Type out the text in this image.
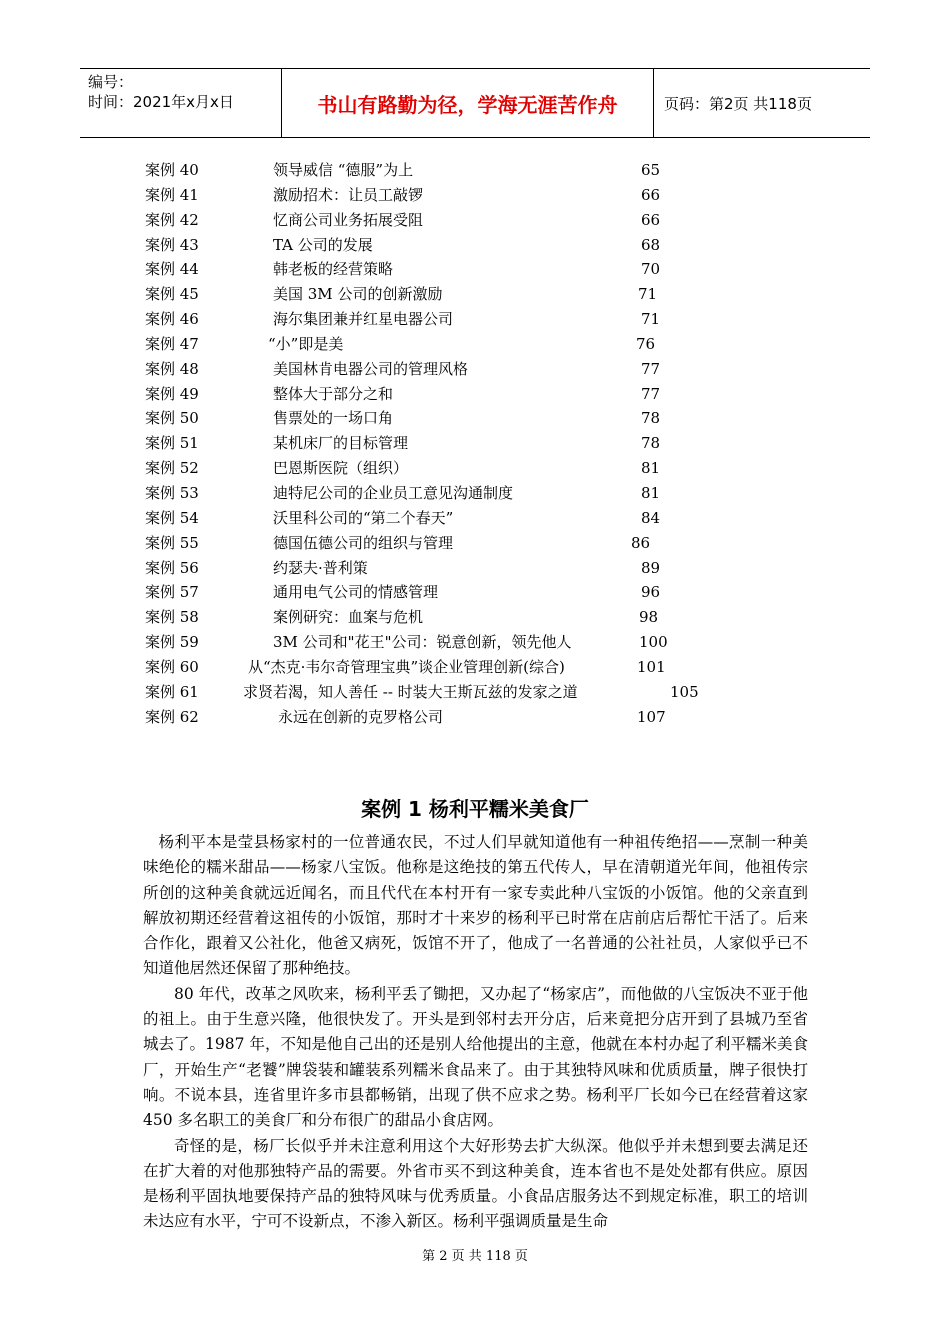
编号：
时间：2021年x月x日	书山有路勤为径，学海无涯苦作舟	页码：第2页 共118页
案例 40	领导威信 “德服”为上	65
案例 41	激励招术：让员工敲锣	66
案例 42	忆商公司业务拓展受阻	66
案例 43	TA 公司的发展	68
案例 44	韩老板的经营策略	70
案例 45	美国 3M 公司的创新激励	71
案例 46	海尔集团兼并红星电器公司	71
案例 47	“小”即是美	76
案例 48	美国林肯电器公司的管理风格	77
案例 49	整体大于部分之和	77
案例 50	售票处的一场口角	78
案例 51	某机床厂的目标管理	78
案例 52	巴恩斯医院（组织）	81
案例 53	迪特尼公司的企业员工意见沟通制度	81
案例 54	沃里科公司的“第二个春天”	84
案例 55	德国伍德公司的组织与管理	86
案例 56	约瑟夫·普利策	89
案例 57	通用电气公司的情感管理	96
案例 58	案例研究：血案与危机	98
案例 59	3M 公司和"花王"公司：锐意创新，领先他人	100
案例 60	从“杰克·韦尔奇管理宝典”谈企业管理创新(综合)	101
案例 61	求贤若渴，知人善任 -- 时装大王斯瓦兹的发家之道	105
案例 62	永远在创新的克罗格公司	107
案例 1 杨利平糯米美食厂

杨利平本是莹县杨家村的一位普通农民，不过人们早就知道他有一种祖传绝招——烹制一种美味绝伦的糯米甜品——杨家八宝饭。他称是这绝技的第五代传人，早在清朝道光年间，他祖传宗所创的这种美食就远近闻名，而且代代在本村开有一家专卖此种八宝饭的小饭馆。他的父亲直到解放初期还经营着这祖传的小饭馆，那时才十来岁的杨利平已时常在店前店后帮忙干活了。后来合作化，跟着又公社化，他爸又病死，饭馆不开了，他成了一名普通的公社社员，人家似乎已不知道他居然还保留了那种绝技。

80 年代，改革之风吹来，杨利平丢了锄把，又办起了“杨家店”，而他做的八宝饭决不亚于他的祖上。由于生意兴隆，他很快发了。开头是到邻村去开分店，后来竟把分店开到了县城乃至省城去了。1987 年，不知是他自己出的还是别人给他提出的主意，他就在本村办起了利平糯米美食厂，开始生产“老饕”牌袋装和罐装系列糯米食品来了。由于其独特风味和优质质量，牌子很快打响。不说本县，连省里许多市县都畅销，出现了供不应求之势。杨利平厂长如今已在经营着这家 450 多名职工的美食厂和分布很广的甜品小食店网。

奇怪的是，杨厂长似乎并未注意利用这个大好形势去扩大纵深。他似乎并未想到要去满足还在扩大着的对他那独特产品的需要。外省市买不到这种美食，连本省也不是处处都有供应。原因是杨利平固执地要保持产品的独特风味与优秀质量。小食品店服务达不到规定标准，职工的培训未达应有水平，宁可不设新点，不渗入新区。杨利平强调质量是生命

第 2 页 共 118 页
